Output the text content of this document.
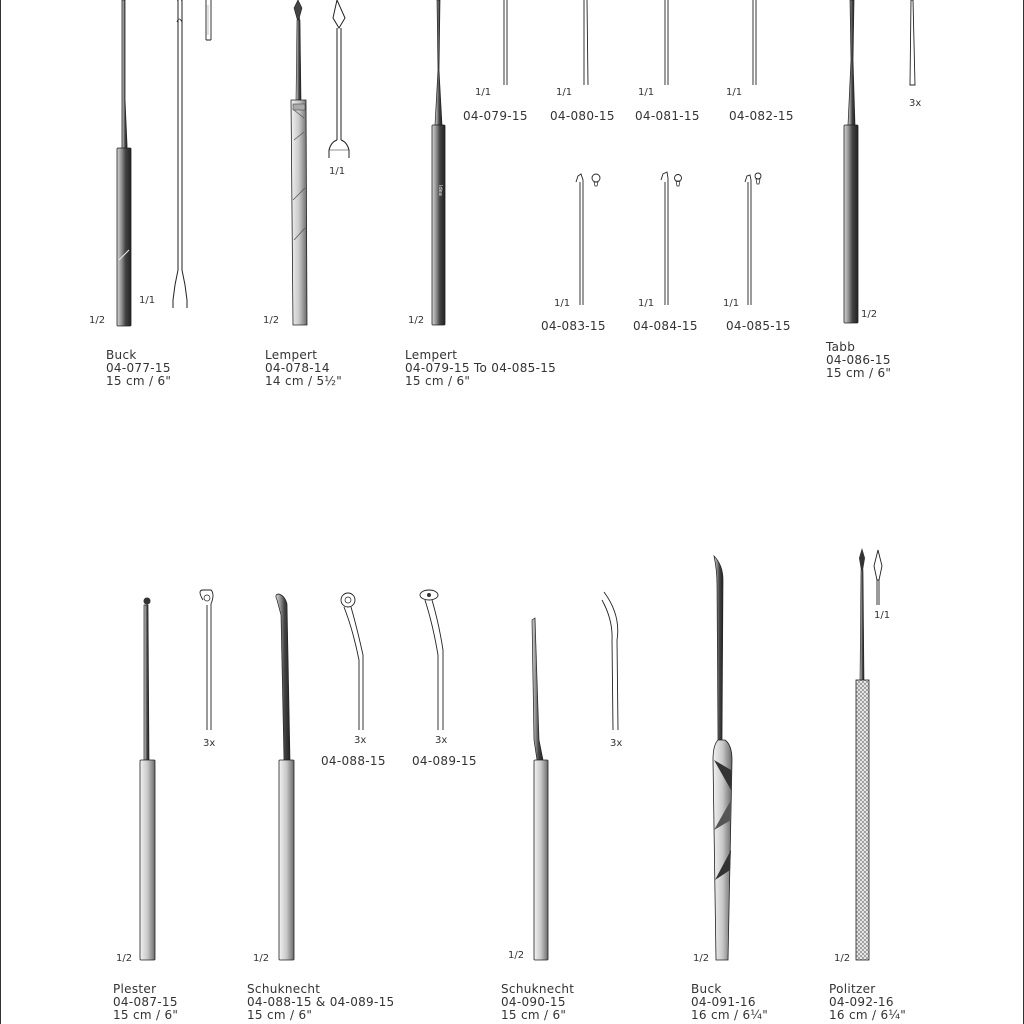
Idea
1/2
1/1
Buck
04-077-15
15 cm / 6"
1/2
1/1
Lempert
04-078-14
14 cm / 5½"
1/2
Lempert
04-079-15 To 04-085-15
15 cm / 6"
1/1
04-079-15
1/1
04-080-15
1/1
04-081-15
1/1
04-082-15
1/1
04-083-15
1/1
04-084-15
1/1
04-085-15
3x
1/2
Tabb
04-086-15
15 cm / 6"
3x
1/2
Plester
04-087-15
15 cm / 6"
3x
04-088-15
3x
04-089-15
1/2
Schuknecht
04-088-15 & 04-089-15
15 cm / 6"
3x
1/2
Schuknecht
04-090-15
15 cm / 6"
1/2
Buck
04-091-16
16 cm / 6¼"
1/1
1/2
Politzer
04-092-16
16 cm / 6¼"
